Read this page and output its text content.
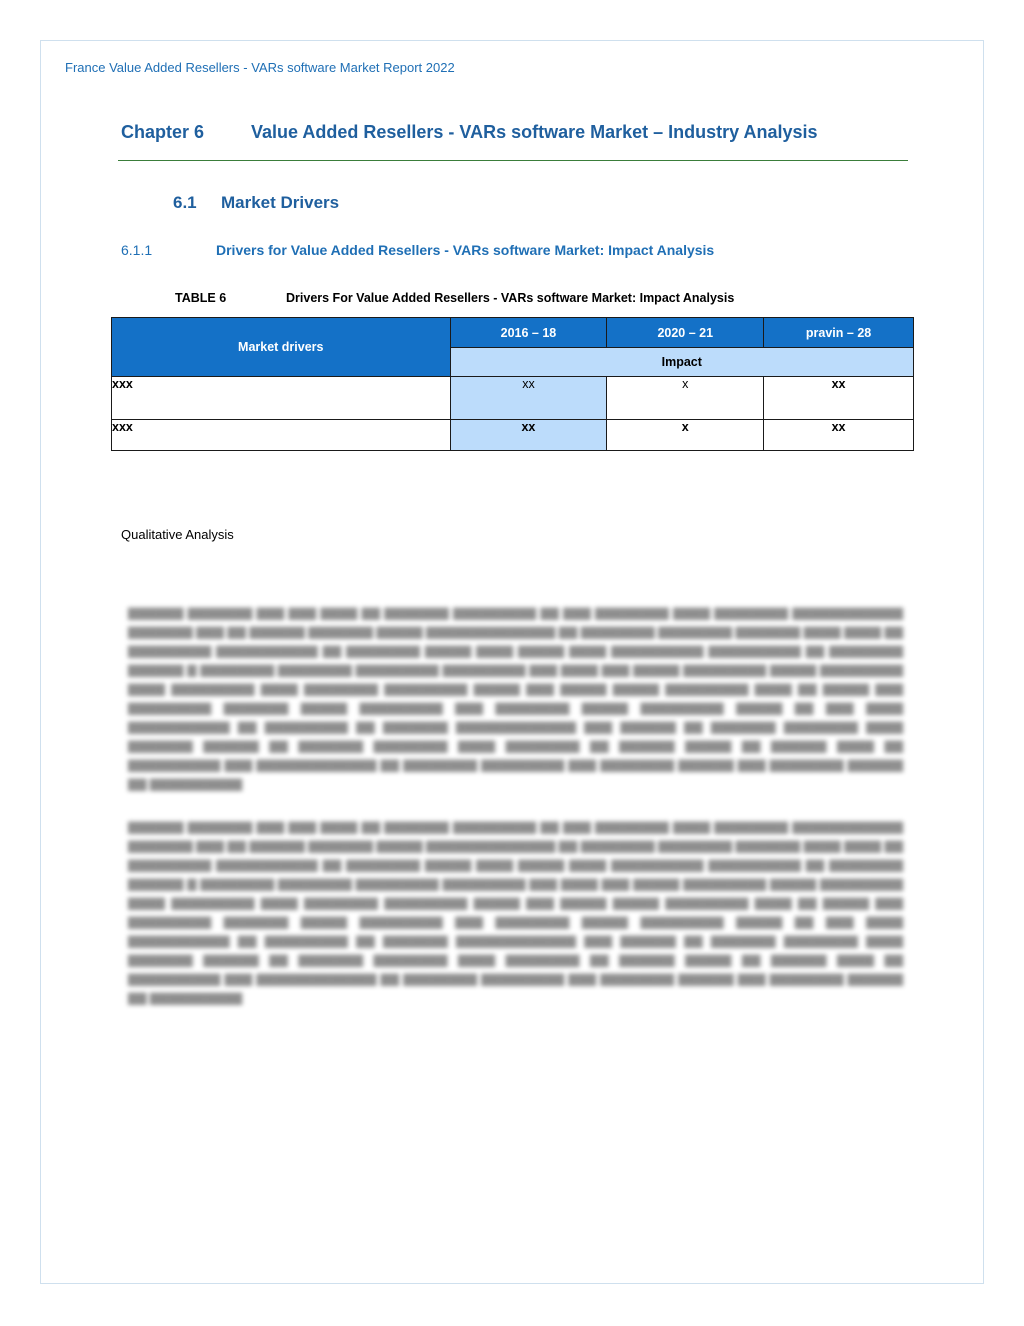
France Value Added Resellers - VARs software Market Report 2022
Chapter 6	Value Added Resellers - VARs software Market – Industry Analysis
6.1 Market Drivers
6.1.1	Drivers for Value Added Resellers - VARs software Market: Impact Analysis
TABLE 6	Drivers For Value Added Resellers - VARs software Market: Impact Analysis
Market drivers	2016 – 18	2020 – 21	pravin – 28
	Impact		
xxx	xx	x	xx
xxx	xx	x	xx
Qualitative Analysis
▇▇▇▇▇▇ ▇▇▇▇▇▇▇ ▇▇▇ ▇▇▇ ▇▇▇▇ ▇▇ ▇▇▇▇▇▇▇ ▇▇▇▇▇▇▇▇▇ ▇▇ ▇▇▇ ▇▇▇▇▇▇▇▇ ▇▇▇▇ ▇▇▇▇▇▇▇▇ ▇▇▇▇▇▇▇▇▇▇▇▇ ▇▇▇▇▇▇▇ ▇▇▇ ▇▇ ▇▇▇▇▇▇ ▇▇▇▇▇▇▇ ▇▇▇▇▇ ▇▇▇▇▇▇▇▇▇▇▇▇▇▇ ▇▇ ▇▇▇▇▇▇▇▇ ▇▇▇▇▇▇▇▇ ▇▇▇▇▇▇▇ ▇▇▇▇ ▇▇▇▇ ▇▇ ▇▇▇▇▇▇▇▇▇ ▇▇▇▇▇▇▇▇▇▇▇ ▇▇ ▇▇▇▇▇▇▇▇ ▇▇▇▇▇ ▇▇▇▇ ▇▇▇▇▇ ▇▇▇▇ ▇▇▇▇▇▇▇▇▇▇ ▇▇▇▇▇▇▇▇▇▇ ▇▇ ▇▇▇▇▇▇▇▇ ▇▇▇▇▇▇ ▇ ▇▇▇▇▇▇▇▇ ▇▇▇▇▇▇▇▇ ▇▇▇▇▇▇▇▇▇ ▇▇▇▇▇▇▇▇▇ ▇▇▇ ▇▇▇▇ ▇▇▇ ▇▇▇▇▇ ▇▇▇▇▇▇▇▇▇ ▇▇▇▇▇ ▇▇▇▇▇▇▇▇▇ ▇▇▇▇ ▇▇▇▇▇▇▇▇▇ ▇▇▇▇ ▇▇▇▇▇▇▇▇ ▇▇▇▇▇▇▇▇▇ ▇▇▇▇▇ ▇▇▇ ▇▇▇▇▇ ▇▇▇▇▇ ▇▇▇▇▇▇▇▇▇ ▇▇▇▇ ▇▇ ▇▇▇▇▇ ▇▇▇ ▇▇▇▇▇▇▇▇▇ ▇▇▇▇▇▇▇ ▇▇▇▇▇ ▇▇▇▇▇▇▇▇▇ ▇▇▇ ▇▇▇▇▇▇▇▇ ▇▇▇▇▇ ▇▇▇▇▇▇▇▇▇ ▇▇▇▇▇ ▇▇ ▇▇▇ ▇▇▇▇ ▇▇▇▇▇▇▇▇▇▇▇ ▇▇ ▇▇▇▇▇▇▇▇▇ ▇▇ ▇▇▇▇▇▇▇ ▇▇▇▇▇▇▇▇▇▇▇▇▇ ▇▇▇ ▇▇▇▇▇▇ ▇▇ ▇▇▇▇▇▇▇ ▇▇▇▇▇▇▇▇ ▇▇▇▇ ▇▇▇▇▇▇▇ ▇▇▇▇▇▇ ▇▇ ▇▇▇▇▇▇▇ ▇▇▇▇▇▇▇▇ ▇▇▇▇ ▇▇▇▇▇▇▇▇ ▇▇ ▇▇▇▇▇▇ ▇▇▇▇▇ ▇▇ ▇▇▇▇▇▇ ▇▇▇▇ ▇▇ ▇▇▇▇▇▇▇▇▇▇ ▇▇▇ ▇▇▇▇▇▇▇▇▇▇▇▇▇ ▇▇ ▇▇▇▇▇▇▇▇ ▇▇▇▇▇▇▇▇▇ ▇▇▇ ▇▇▇▇▇▇▇▇ ▇▇▇▇▇▇ ▇▇▇ ▇▇▇▇▇▇▇▇ ▇▇▇▇▇▇ ▇▇ ▇▇▇▇▇▇▇▇▇▇
▇▇▇▇▇▇ ▇▇▇▇▇▇▇ ▇▇▇ ▇▇▇ ▇▇▇▇ ▇▇ ▇▇▇▇▇▇▇ ▇▇▇▇▇▇▇▇▇ ▇▇ ▇▇▇ ▇▇▇▇▇▇▇▇ ▇▇▇▇ ▇▇▇▇▇▇▇▇ ▇▇▇▇▇▇▇▇▇▇▇▇ ▇▇▇▇▇▇▇ ▇▇▇ ▇▇ ▇▇▇▇▇▇ ▇▇▇▇▇▇▇ ▇▇▇▇▇ ▇▇▇▇▇▇▇▇▇▇▇▇▇▇ ▇▇ ▇▇▇▇▇▇▇▇ ▇▇▇▇▇▇▇▇ ▇▇▇▇▇▇▇ ▇▇▇▇ ▇▇▇▇ ▇▇ ▇▇▇▇▇▇▇▇▇ ▇▇▇▇▇▇▇▇▇▇▇ ▇▇ ▇▇▇▇▇▇▇▇ ▇▇▇▇▇ ▇▇▇▇ ▇▇▇▇▇ ▇▇▇▇ ▇▇▇▇▇▇▇▇▇▇ ▇▇▇▇▇▇▇▇▇▇ ▇▇ ▇▇▇▇▇▇▇▇ ▇▇▇▇▇▇ ▇ ▇▇▇▇▇▇▇▇ ▇▇▇▇▇▇▇▇ ▇▇▇▇▇▇▇▇▇ ▇▇▇▇▇▇▇▇▇ ▇▇▇ ▇▇▇▇ ▇▇▇ ▇▇▇▇▇ ▇▇▇▇▇▇▇▇▇ ▇▇▇▇▇ ▇▇▇▇▇▇▇▇▇ ▇▇▇▇ ▇▇▇▇▇▇▇▇▇ ▇▇▇▇ ▇▇▇▇▇▇▇▇ ▇▇▇▇▇▇▇▇▇ ▇▇▇▇▇ ▇▇▇ ▇▇▇▇▇ ▇▇▇▇▇ ▇▇▇▇▇▇▇▇▇ ▇▇▇▇ ▇▇ ▇▇▇▇▇ ▇▇▇ ▇▇▇▇▇▇▇▇▇ ▇▇▇▇▇▇▇ ▇▇▇▇▇ ▇▇▇▇▇▇▇▇▇ ▇▇▇ ▇▇▇▇▇▇▇▇ ▇▇▇▇▇ ▇▇▇▇▇▇▇▇▇ ▇▇▇▇▇ ▇▇ ▇▇▇ ▇▇▇▇ ▇▇▇▇▇▇▇▇▇▇▇ ▇▇ ▇▇▇▇▇▇▇▇▇ ▇▇ ▇▇▇▇▇▇▇ ▇▇▇▇▇▇▇▇▇▇▇▇▇ ▇▇▇ ▇▇▇▇▇▇ ▇▇ ▇▇▇▇▇▇▇ ▇▇▇▇▇▇▇▇ ▇▇▇▇ ▇▇▇▇▇▇▇ ▇▇▇▇▇▇ ▇▇ ▇▇▇▇▇▇▇ ▇▇▇▇▇▇▇▇ ▇▇▇▇ ▇▇▇▇▇▇▇▇ ▇▇ ▇▇▇▇▇▇ ▇▇▇▇▇ ▇▇ ▇▇▇▇▇▇ ▇▇▇▇ ▇▇ ▇▇▇▇▇▇▇▇▇▇ ▇▇▇ ▇▇▇▇▇▇▇▇▇▇▇▇▇ ▇▇ ▇▇▇▇▇▇▇▇ ▇▇▇▇▇▇▇▇▇ ▇▇▇ ▇▇▇▇▇▇▇▇ ▇▇▇▇▇▇ ▇▇▇ ▇▇▇▇▇▇▇▇ ▇▇▇▇▇▇ ▇▇ ▇▇▇▇▇▇▇▇▇▇
